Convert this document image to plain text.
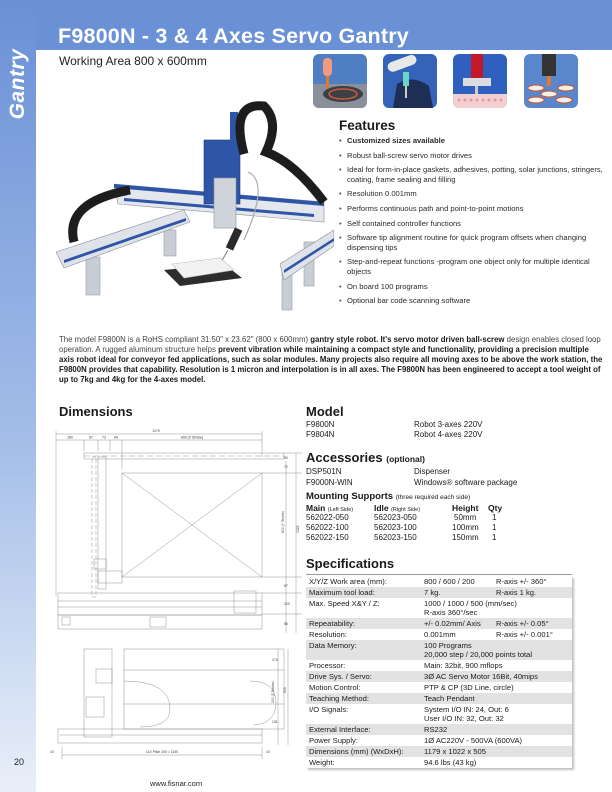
Gantry
F9800N - 3 & 4 Axes Servo Gantry
Working Area 800 x 600mm
Features
• Customized sizes available
• Robust ball-screw servo motor drives
• Ideal for form-in-place gaskets, adhesives, potting, solar junctions, stringers, coating, frame sealing and filling
• Resolution 0.001mm
• Performs continuous path and point-to-point motions
• Self contained controller functions
• Software tip alignment routine for quick program offsets when changing dispensing tips
• Step-and-repeat functions -program one object only for multiple identical objects
• On board 100 programs
• Optional bar code scanning software

The model F9800N is a RoHS compliant 31.50" x 23.62" (800 x 600mm) gantry style robot. It's servo motor driven ball-screw design enables closed loop operation. A rugged aluminum structure helps prevent vibration while maintaining a compact style and functionality, providing a precision multiple axis robot ideal for conveyor fed applications, such as solar modules. Many projects also require all moving axes to be above the work station, the F9800N provides that capability. Resolution is 1 micron and interpolation is in all axes. The F9800N has been engineered to accept a tool weight of up to 7kg and 4kg for the 4-axes model.

Dimensions
1179
160	87	73 64	800 (X Stroke)
50
72
600 (Y Stroke)	1022
97
120
85
174
200 (Z Stroke) 505
131
11X Pitch 100 = 1100
10	10
Model
F9800N	Robot 3-axes 220V
F9804N	Robot 4-axes 220V
Accessories (optional)
DSP501N	Dispenser
F9000N-WIN	Windows® software package
Mounting Supports (three required each side)
Main (Left Side) Idle (Right Side)	Height Qty
562022-050	562023-050	50mm 1
562022-100	562023-100	100mm 1
562022-150	562023-150	150mm 1
Specifications
X/Y/Z Work area (mm):	800 / 600 / 200	R-axis +/- 360°
Maximum tool load:	7 kg.	R-axis 1 kg.
Max. Speed X&Y / Z:	1000 / 1000 / 500 (mm/sec)
R-axis 360°/sec
Repeatability:	+/- 0.02mm/ Axis	R-axis +/- 0.05°
Resolution:	0.001mm	R-axis +/- 0.001°
Data Memory:	100 Programs
20,000 step / 20,000 points total
Processor:	Main: 32bit, 900 mflops
Drive Sys. / Servo:	3Ø AC Servo Motor 16Bit, 40mips
Motion Control:	PTP & CP (3D Line, circle)
Teaching Method:	Teach Pendant
I/O Signals:	System I/O IN: 24, Out: 6
User I/O IN: 32, Out: 32
External Interface:	RS232
Power Supply:	1Ø AC220V - 500VA (600VA)
Dimensions (mm) (WxDxH):	1179 x 1022 x 505
Weight:	94.6 lbs (43 kg)
20
www.fisnar.com
